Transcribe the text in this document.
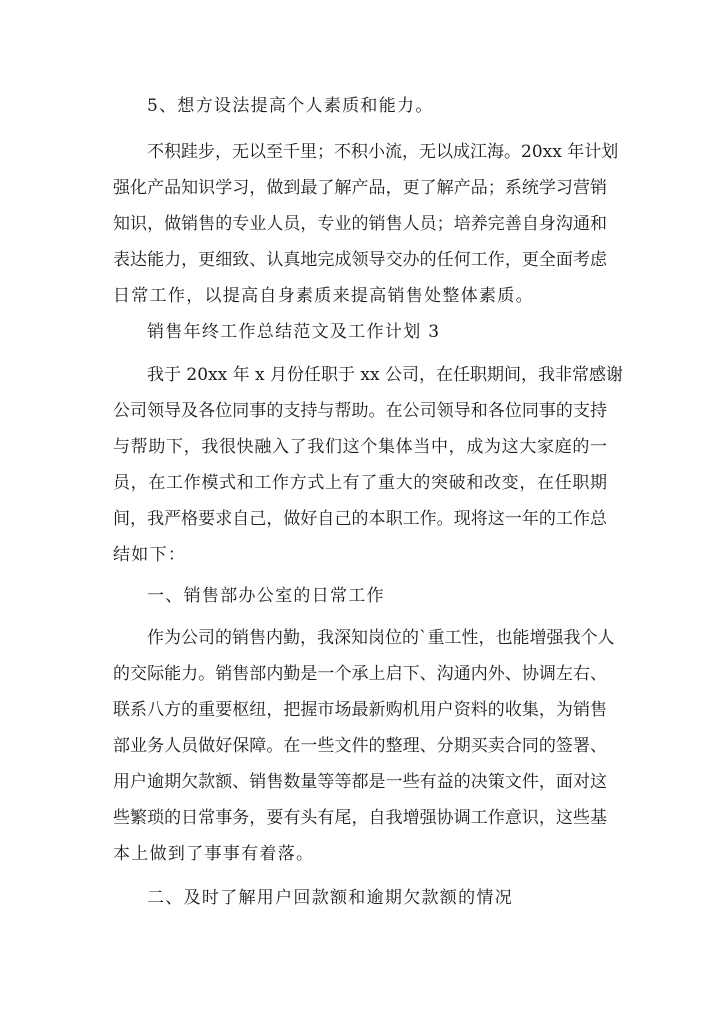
5、想方设法提高个人素质和能力。
不积跬步，无以至千里；不积小流，无以成江海。20xx 年计划
强化产品知识学习，做到最了解产品，更了解产品；系统学习营销
知识，做销售的专业人员，专业的销售人员；培养完善自身沟通和
表达能力，更细致、认真地完成领导交办的任何工作，更全面考虑
日常工作，以提高自身素质来提高销售处整体素质。
销售年终工作总结范文及工作计划 3
我于 20xx 年 x 月份任职于 xx 公司，在任职期间，我非常感谢
公司领导及各位同事的支持与帮助。在公司领导和各位同事的支持
与帮助下，我很快融入了我们这个集体当中，成为这大家庭的一
员，在工作模式和工作方式上有了重大的突破和改变，在任职期
间，我严格要求自己，做好自己的本职工作。现将这一年的工作总
结如下：
一、销售部办公室的日常工作
作为公司的销售内勤，我深知岗位的`重工性，也能增强我个人
的交际能力。销售部内勤是一个承上启下、沟通内外、协调左右、
联系八方的重要枢纽，把握市场最新购机用户资料的收集，为销售
部业务人员做好保障。在一些文件的整理、分期买卖合同的签署、
用户逾期欠款额、销售数量等等都是一些有益的决策文件，面对这
些繁琐的日常事务，要有头有尾，自我增强协调工作意识，这些基
本上做到了事事有着落。
二、及时了解用户回款额和逾期欠款额的情况
